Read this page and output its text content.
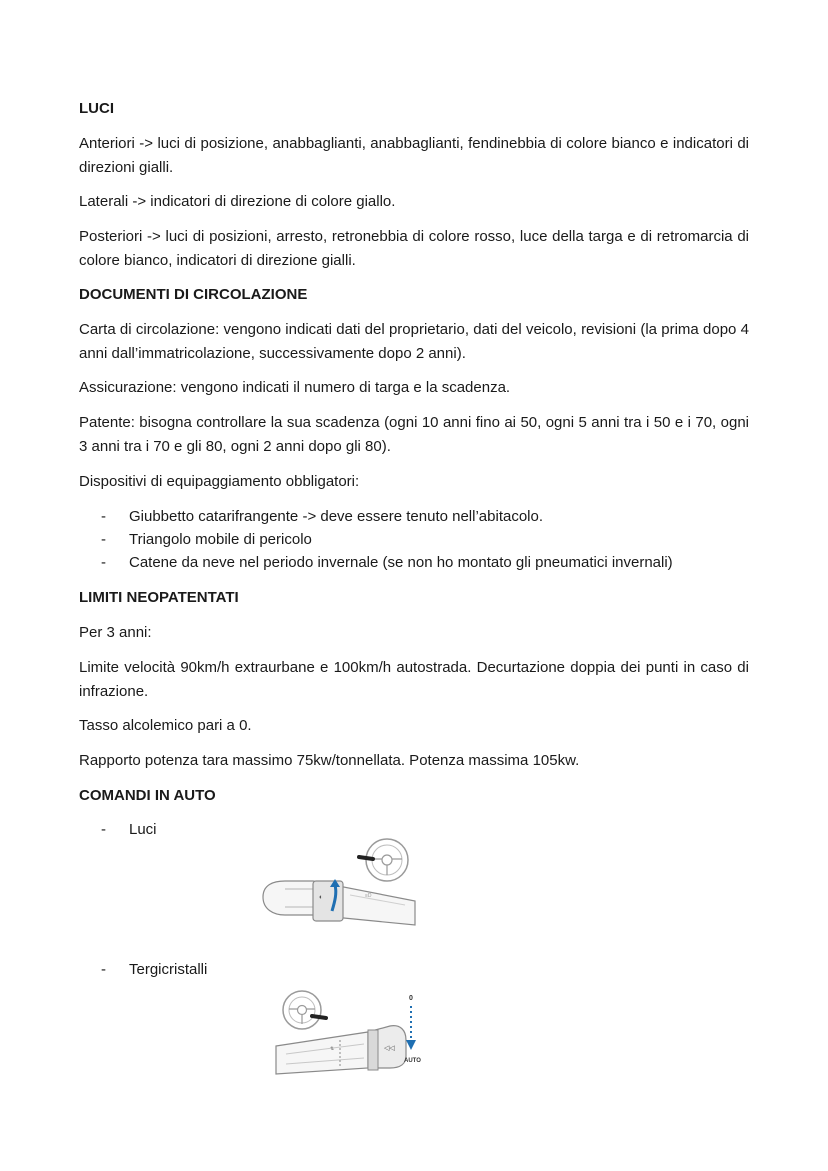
LUCI
Anteriori -> luci di posizione, anabbaglianti, anabbaglianti, fendinebbia di colore bianco e indicatori di direzioni gialli.
Laterali -> indicatori di direzione di colore giallo.
Posteriori -> luci di posizioni, arresto, retronebbia di colore rosso, luce della targa e di retromarcia di colore bianco, indicatori di direzione gialli.
DOCUMENTI DI CIRCOLAZIONE
Carta di circolazione: vengono indicati dati del proprietario, dati del veicolo, revisioni (la prima dopo 4 anni dall’immatricolazione, successivamente dopo 2 anni).
Assicurazione: vengono indicati il numero di targa e la scadenza.
Patente: bisogna controllare la sua scadenza (ogni 10 anni fino ai 50, ogni 5 anni tra i 50 e i 70, ogni 3 anni tra i 70 e gli 80, ogni 2 anni dopo gli 80).
Dispositivi di equipaggiamento obbligatori:
- Giubbetto catarifrangente -> deve essere tenuto nell’abitacolo.
- Triangolo mobile di pericolo
- Catene da neve nel periodo invernale (se non ho montato gli pneumatici invernali)
LIMITI NEOPATENTATI
Per 3 anni:
Limite velocità 90km/h extraurbane e 100km/h autostrada. Decurtazione doppia dei punti in caso di infrazione.
Tasso alcolemico pari a 0.
Rapporto potenza tara massimo 75kw/tonnellata. Potenza massima 105kw.
COMANDI IN AUTO
- Luci
≡D
◐
- Tergicristalli
◁◁
⇅
0
AUTO
